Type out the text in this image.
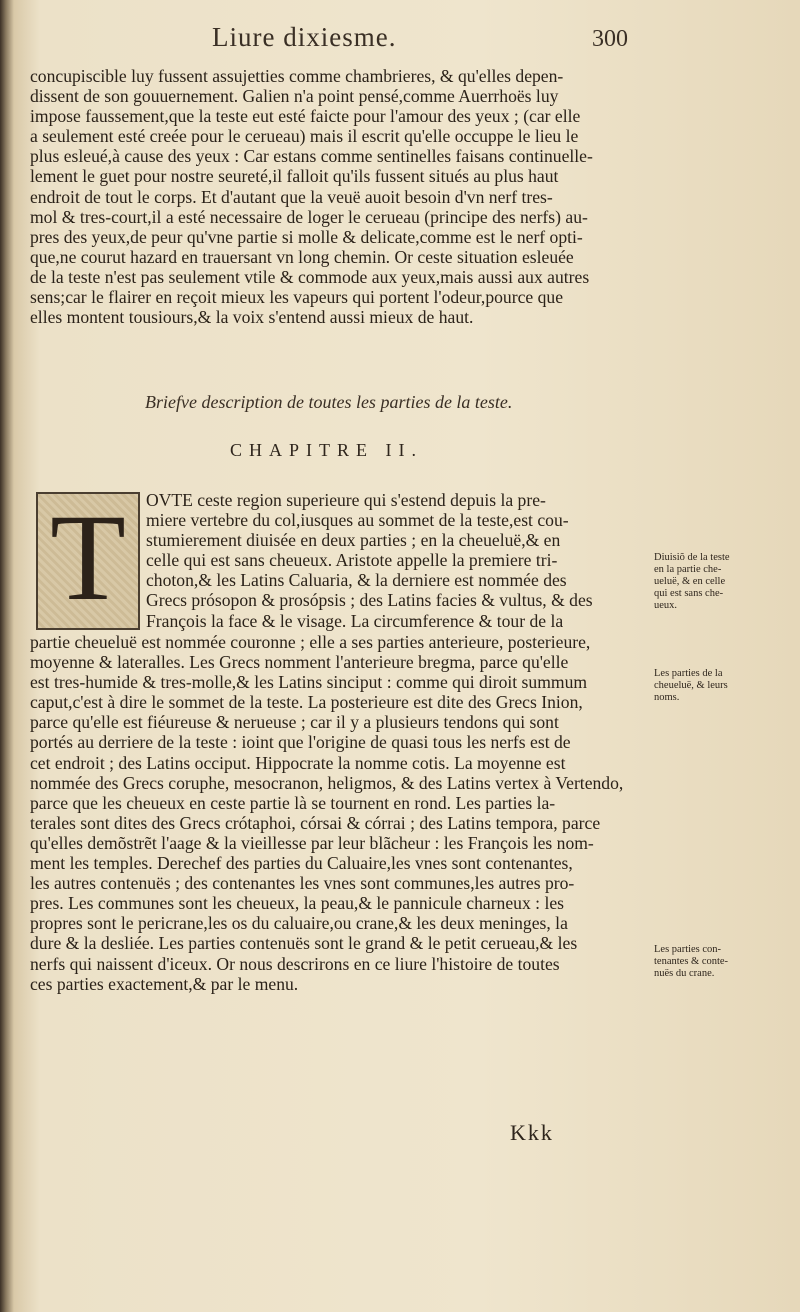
Liure dixiesme.	300
concupiscible luy fussent assujetties comme chambrieres, & qu'elles depen-
dissent de son gouuernement. Galien n'a point pensé,comme Auerrhoës luy
impose faussement,que la teste eut esté faicte pour l'amour des yeux ; (car elle
a seulement esté creée pour le cerueau) mais il escrit qu'elle occuppe le lieu le
plus esleué,à cause des yeux : Car estans comme sentinelles faisans continuelle-
lement le guet pour nostre seureté,il falloit qu'ils fussent situés au plus haut
endroit de tout le corps. Et d'autant que la veuë auoit besoin d'vn nerf tres-
mol & tres-court,il a esté necessaire de loger le cerueau (principe des nerfs) au-
pres des yeux,de peur qu'vne partie si molle & delicate,comme est le nerf opti-
que,ne courut hazard en trauersant vn long chemin. Or ceste situation esleuée
de la teste n'est pas seulement vtile & commode aux yeux,mais aussi aux autres
sens;car le flairer en reçoit mieux les vapeurs qui portent l'odeur,pource que
elles montent tousiours,& la voix s'entend aussi mieux de haut.
Briefve description de toutes les parties de la teste.
CHAPITRE II.
T	OVTE ceste region superieure qui s'estend depuis la pre-
miere vertebre du col,iusques au sommet de la teste,est cou-
stumierement diuisée en deux parties ; en la cheueluë,& en
celle qui est sans cheueux. Aristote appelle la premiere tri-
choton,& les Latins Caluaria, & la derniere est nommée des
Grecs prósopon & prosópsis ; des Latins facies & vultus, & des
François la face & le visage. La circumference & tour de la
partie cheueluë est nommée couronne ; elle a ses parties anterieure, posterieure,
moyenne & lateralles. Les Grecs nomment l'anterieure bregma, parce qu'elle
est tres-humide & tres-molle,& les Latins sinciput : comme qui diroit summum
caput,c'est à dire le sommet de la teste. La posterieure est dite des Grecs Inion,
parce qu'elle est fiéureuse & nerueuse ; car il y a plusieurs tendons qui sont
portés au derriere de la teste : ioint que l'origine de quasi tous les nerfs est de
cet endroit ; des Latins occiput. Hippocrate la nomme cotis. La moyenne est
nommée des Grecs coruphe, mesocranon, heligmos, & des Latins vertex à Vertendo,
parce que les cheueux en ceste partie là se tournent en rond. Les parties la-
terales sont dites des Grecs crótaphoi, córsai & córrai ; des Latins tempora, parce
qu'elles demõstrẽt l'aage & la vieillesse par leur blãcheur : les François les nom-
ment les temples. Derechef des parties du Caluaire,les vnes sont contenantes,
les autres contenuës ; des contenantes les vnes sont communes,les autres pro-
pres. Les communes sont les cheueux, la peau,& le pannicule charneux : les
propres sont le pericrane,les os du caluaire,ou crane,& les deux meninges, la
dure & la desliée. Les parties contenuës sont le grand & le petit cerueau,& les
nerfs qui naissent d'iceux. Or nous descrirons en ce liure l'histoire de toutes
ces parties exactement,& par le menu.
Diuisiõ de la teste
en la partie che-
ueluë, & en celle
qui est sans che-
ueux.
Les parties de la
cheueluë, & leurs
noms.
Les parties con-
tenantes & conte-
nuës du crane.
Kkk
